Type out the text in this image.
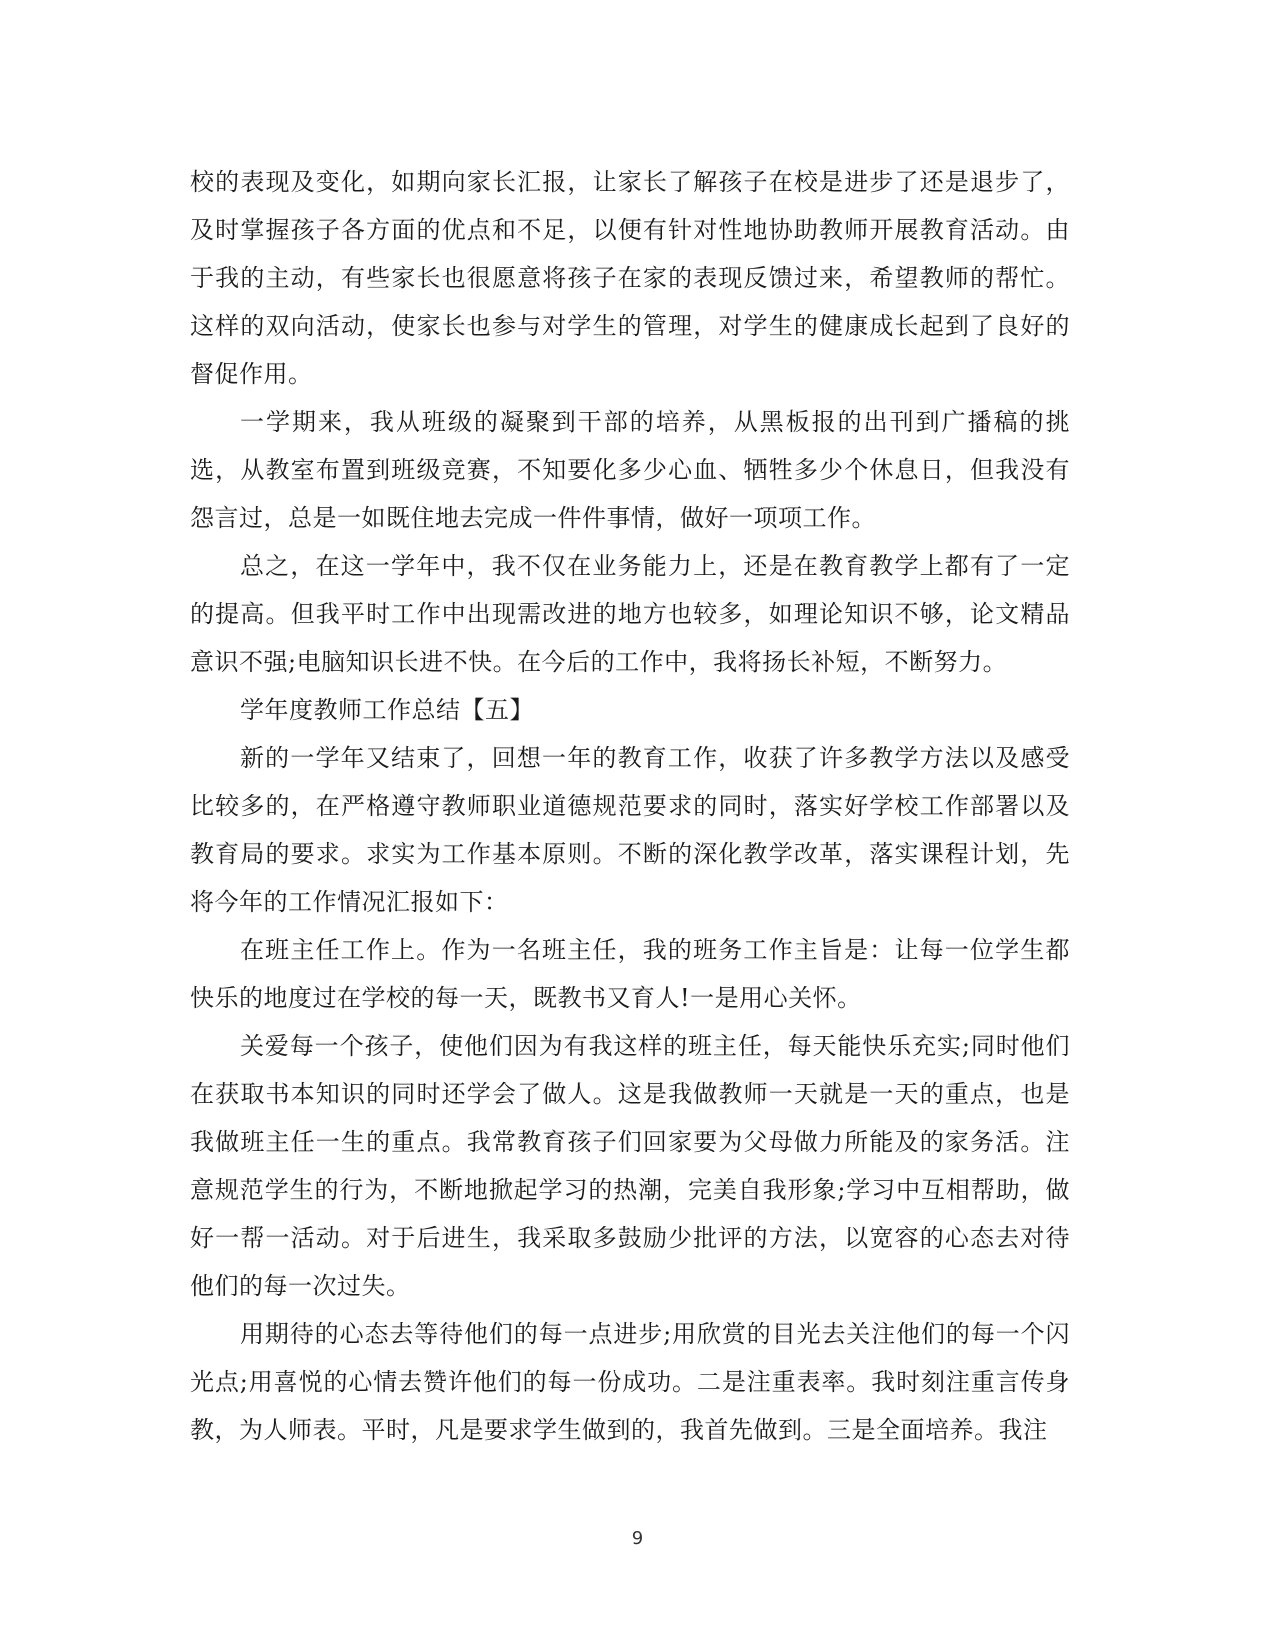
校的表现及变化，如期向家长汇报，让家长了解孩子在校是进步了还是退步了，及时掌握孩子各方面的优点和不足，以便有针对性地协助教师开展教育活动。由于我的主动，有些家长也很愿意将孩子在家的表现反馈过来，希望教师的帮忙。这样的双向活动，使家长也参与对学生的管理，对学生的健康成长起到了良好的督促作用。

一学期来，我从班级的凝聚到干部的培养，从黑板报的出刊到广播稿的挑选，从教室布置到班级竞赛，不知要化多少心血、牺牲多少个休息日，但我没有怨言过，总是一如既住地去完成一件件事情，做好一项项工作。

总之，在这一学年中，我不仅在业务能力上，还是在教育教学上都有了一定的提高。但我平时工作中出现需改进的地方也较多，如理论知识不够，论文精品意识不强;电脑知识长进不快。在今后的工作中，我将扬长补短，不断努力。

学年度教师工作总结【五】

新的一学年又结束了，回想一年的教育工作，收获了许多教学方法以及感受比较多的，在严格遵守教师职业道德规范要求的同时，落实好学校工作部署以及教育局的要求。求实为工作基本原则。不断的深化教学改革，落实课程计划，先将今年的工作情况汇报如下：

在班主任工作上。作为一名班主任，我的班务工作主旨是：让每一位学生都快乐的地度过在学校的每一天，既教书又育人!一是用心关怀。

关爱每一个孩子，使他们因为有我这样的班主任，每天能快乐充实;同时他们在获取书本知识的同时还学会了做人。这是我做教师一天就是一天的重点，也是我做班主任一生的重点。我常教育孩子们回家要为父母做力所能及的家务活。注意规范学生的行为，不断地掀起学习的热潮，完美自我形象;学习中互相帮助，做好一帮一活动。对于后进生，我采取多鼓励少批评的方法，以宽容的心态去对待他们的每一次过失。

用期待的心态去等待他们的每一点进步;用欣赏的目光去关注他们的每一个闪光点;用喜悦的心情去赞许他们的每一份成功。二是注重表率。我时刻注重言传身教，为人师表。平时，凡是要求学生做到的，我首先做到。三是全面培养。我注

9
